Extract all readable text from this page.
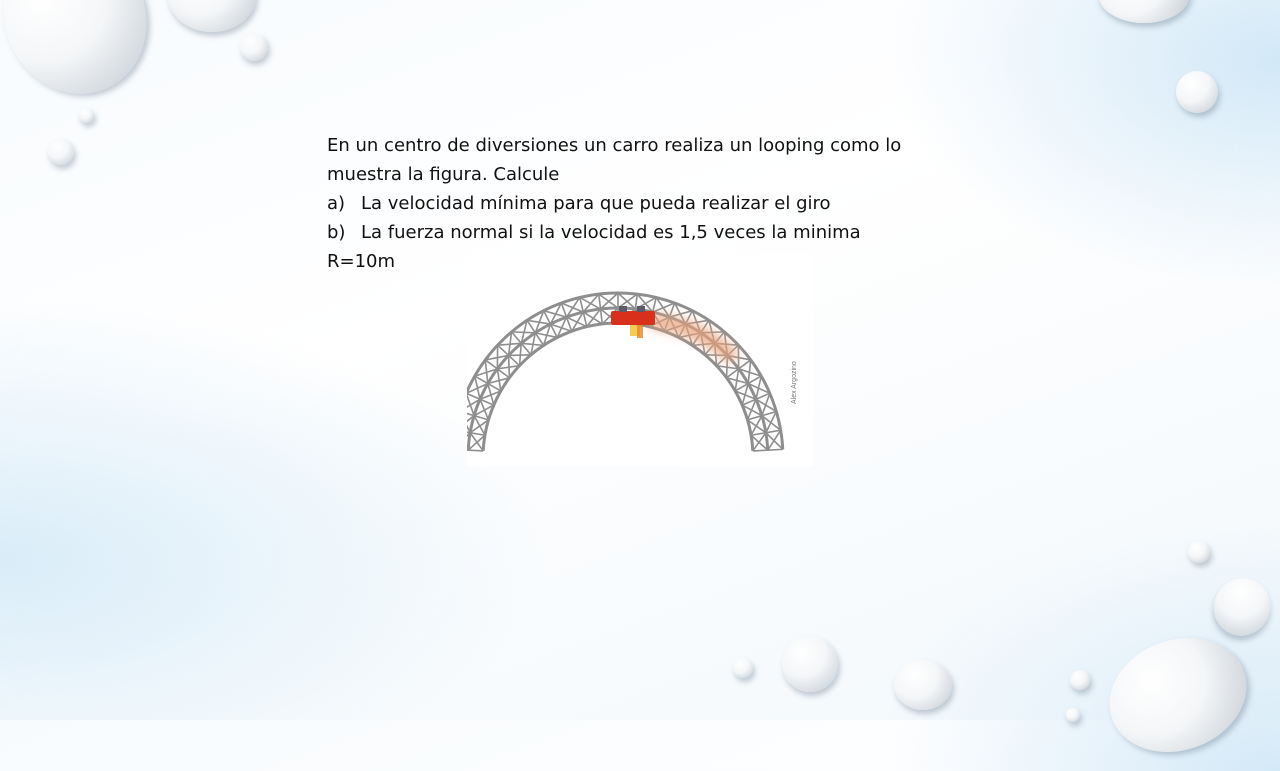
En un centro de diversiones un carro realiza un looping como lo
muestra la figura. Calcule
a) La velocidad mínima para que pueda realizar el giro
b) La fuerza normal si la velocidad es 1,5 veces la minima
R=10m
Alex Argozino
